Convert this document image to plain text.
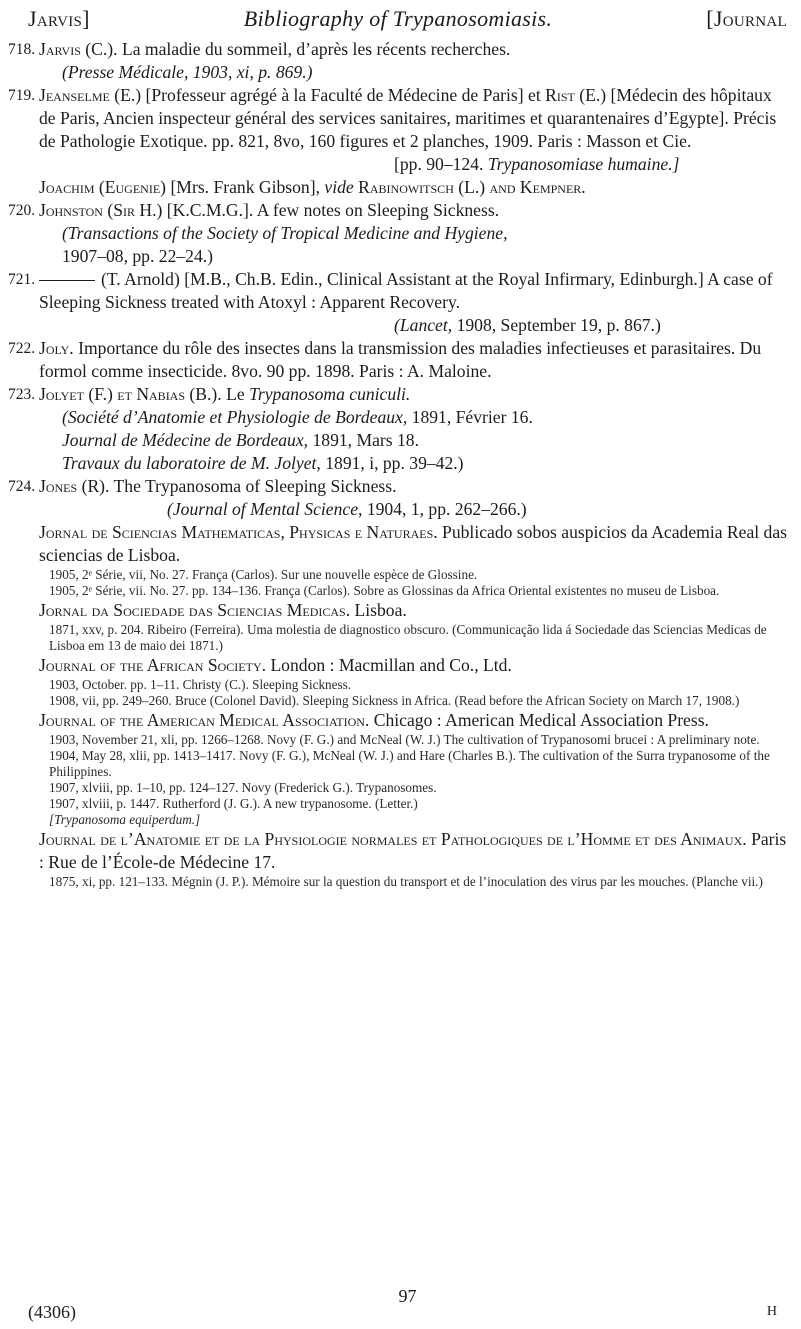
Jarvis]	Bibliography of Trypanosomiasis.	[Journal
718. Jarvis (C.). La maladie du sommeil, d’après les récents recherches.
(Presse Médicale, 1903, xi, p. 869.)
719. Jeanselme (E.) [Professeur agrégé à la Faculté de Médecine de Paris] et Rist (E.) [Médecin des hôpitaux de Paris, Ancien inspecteur général des services sanitaires, maritimes et quarantenaires d’Egypte]. Précis de Pathologie Exotique. pp. 821, 8vo, 160 figures et 2 planches, 1909. Paris : Masson et Cie.
[pp. 90–124. Trypanosomiase humaine.]
Joachim (Eugenie) [Mrs. Frank Gibson], vide Rabinowitsch (L.) and Kempner.
720. Johnston (Sir H.) [K.C.M.G.]. A few notes on Sleeping Sickness.
(Transactions of the Society of Tropical Medicine and Hygiene,
1907–08, pp. 22–24.)
721.	(T. Arnold) [M.B., Ch.B. Edin., Clinical Assistant at the Royal Infirmary, Edinburgh.] A case of Sleeping Sickness treated with Atoxyl : Apparent Recovery.
(Lancet, 1908, September 19, p. 867.)
722. Joly. Importance du rôle des insectes dans la transmission des maladies infectieuses et parasitaires. Du formol comme insecticide. 8vo. 90 pp. 1898. Paris : A. Maloine.
723. Jolyet (F.) et Nabias (B.). Le Trypanosoma cuniculi.
(Société d’Anatomie et Physiologie de Bordeaux, 1891, Février 16.
Journal de Médecine de Bordeaux, 1891, Mars 18.
Travaux du laboratoire de M. Jolyet, 1891, i, pp. 39–42.)
724. Jones (R). The Trypanosoma of Sleeping Sickness.
(Journal of Mental Science, 1904, 1, pp. 262–266.)
Jornal de Sciencias Mathematicas, Physicas e Naturaes. Publicado sobos auspicios da Academia Real das sciencias de Lisboa.
1905, 2ᵉ Série, vii, No. 27. França (Carlos). Sur une nouvelle espèce de Glossine.
1905, 2ᵉ Série, vii. No. 27. pp. 134–136. França (Carlos). Sobre as Glossinas da Africa Oriental existentes no museu de Lisboa.
Jornal da Sociedade das Sciencias Medicas. Lisboa.
1871, xxv, p. 204. Ribeiro (Ferreira). Uma molestia de diagnostico obscuro. (Communicação lida á Sociedade das Sciencias Medicas de Lisboa em 13 de maio dei 1871.)
Journal of the African Society. London : Macmillan and Co., Ltd.
1903, October. pp. 1–11. Christy (C.). Sleeping Sickness.
1908, vii, pp. 249–260. Bruce (Colonel David). Sleeping Sickness in Africa. (Read before the African Society on March 17, 1908.)
Journal of the American Medical Association. Chicago : American Medical Association Press.
1903, November 21, xli, pp. 1266–1268. Novy (F. G.) and McNeal (W. J.) The cultivation of Trypanosomi brucei : A preliminary note.
1904, May 28, xlii, pp. 1413–1417. Novy (F. G.), McNeal (W. J.) and Hare (Charles B.). The cultivation of the Surra trypanosome of the Philippines.
1907, xlviii, pp. 1–10, pp. 124–127. Novy (Frederick G.). Trypanosomes.
1907, xlviii, p. 1447. Rutherford (J. G.). A new trypanosome. (Letter.)
[Trypanosoma equiperdum.]
Journal de l’Anatomie et de la Physiologie normales et Pathologiques de l’Homme et des Animaux. Paris : Rue de l’École-de Médecine 17.
1875, xi, pp. 121–133. Mégnin (J. P.). Mémoire sur la question du transport et de l’inoculation des virus par les mouches. (Planche vii.)
97
(4306)	H
